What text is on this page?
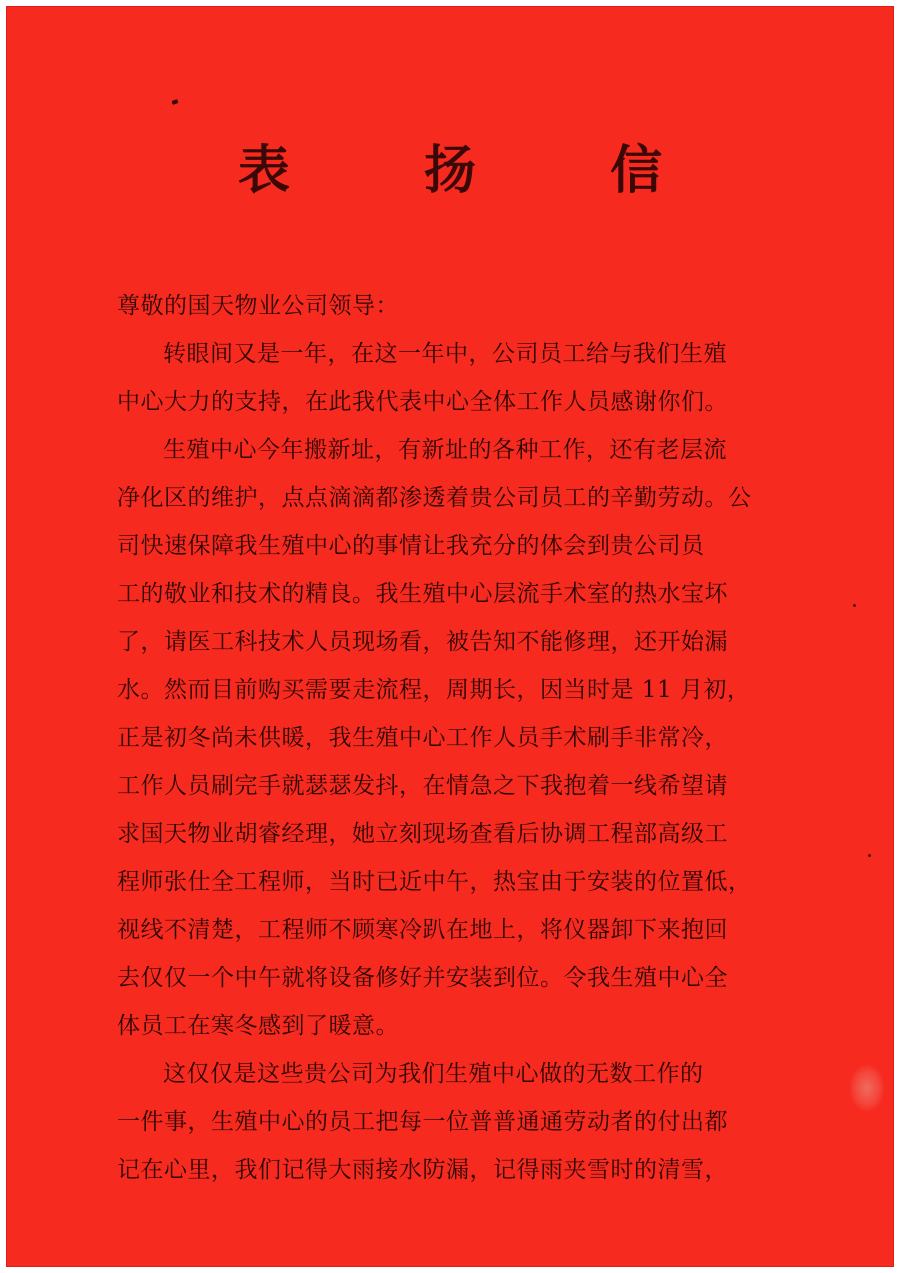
表 扬 信

尊敬的国天物业公司领导：

转眼间又是一年，在这一年中，公司员工给与我们生殖
中心大力的支持，在此我代表中心全体工作人员感谢你们。

生殖中心今年搬新址，有新址的各种工作，还有老层流
净化区的维护，点点滴滴都渗透着贵公司员工的辛勤劳动。公
司快速保障我生殖中心的事情让我充分的体会到贵公司员
工的敬业和技术的精良。我生殖中心层流手术室的热水宝坏
了，请医工科技术人员现场看，被告知不能修理，还开始漏
水。然而目前购买需要走流程，周期长，因当时是 11 月初，
正是初冬尚未供暖，我生殖中心工作人员手术刷手非常冷，
工作人员刷完手就瑟瑟发抖，在情急之下我抱着一线希望请
求国天物业胡睿经理，她立刻现场查看后协调工程部高级工
程师张仕全工程师，当时已近中午，热宝由于安装的位置低，
视线不清楚，工程师不顾寒冷趴在地上，将仪器卸下来抱回
去仅仅一个中午就将设备修好并安装到位。令我生殖中心全
体员工在寒冬感到了暖意。

这仅仅是这些贵公司为我们生殖中心做的无数工作的
一件事，生殖中心的员工把每一位普普通通劳动者的付出都
记在心里，我们记得大雨接水防漏，记得雨夹雪时的清雪，
